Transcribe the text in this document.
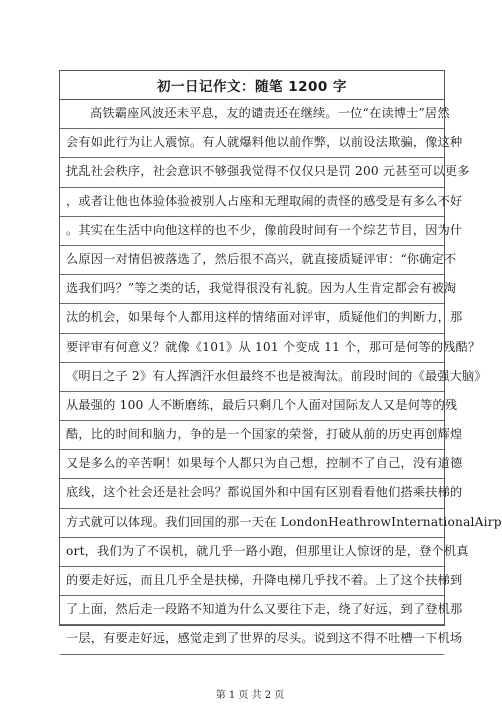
初一日记作文：随笔 1200 字
高铁霸座风波还未平息，友的谴责还在继续。一位“在读博士”居然
会有如此行为让人震惊。有人就爆料他以前作弊，以前设法欺骗，像这种
扰乱社会秩序，社会意识不够强我觉得不仅仅只是罚 200 元甚至可以更多
，或者让他也体验体验被别人占座和无理取闹的责怪的感受是有多么不好
。其实在生活中向他这样的也不少，像前段时间有一个综艺节目，因为什
么原因一对情侣被落选了，然后很不高兴，就直接质疑评审：“你确定不
选我们吗？”等之类的话，我觉得很没有礼貌。因为人生肯定都会有被淘
汰的机会，如果每个人都用这样的情绪面对评审，质疑他们的判断力，那
要评审有何意义？就像《101》从 101 个变成 11 个，那可是何等的残酷？
《明日之子 2》有人挥洒汗水但最终不也是被淘汰。前段时间的《最强大脑》
从最强的 100 人不断磨练，最后只剩几个人面对国际友人又是何等的残
酷，比的时间和脑力，争的是一个国家的荣誉，打破从前的历史再创辉煌
又是多么的辛苦啊！如果每个人都只为自己想，控制不了自己，没有道德
底线，这个社会还是社会吗？都说国外和中国有区别看看他们搭乘扶梯的
方式就可以体现。我们回国的那一天在 LondonHeathrowInternationalAirp
ort，我们为了不误机，就几乎一路小跑，但那里让人惊讶的是，登个机真
的要走好远，而且几乎全是扶梯，升降电梯几乎找不着。上了这个扶梯到
了上面，然后走一段路不知道为什么又要往下走，绕了好远，到了登机那
一层，有要走好远，感觉走到了世界的尽头。说到这不得不吐槽一下机场
第 1 页 共 2 页
